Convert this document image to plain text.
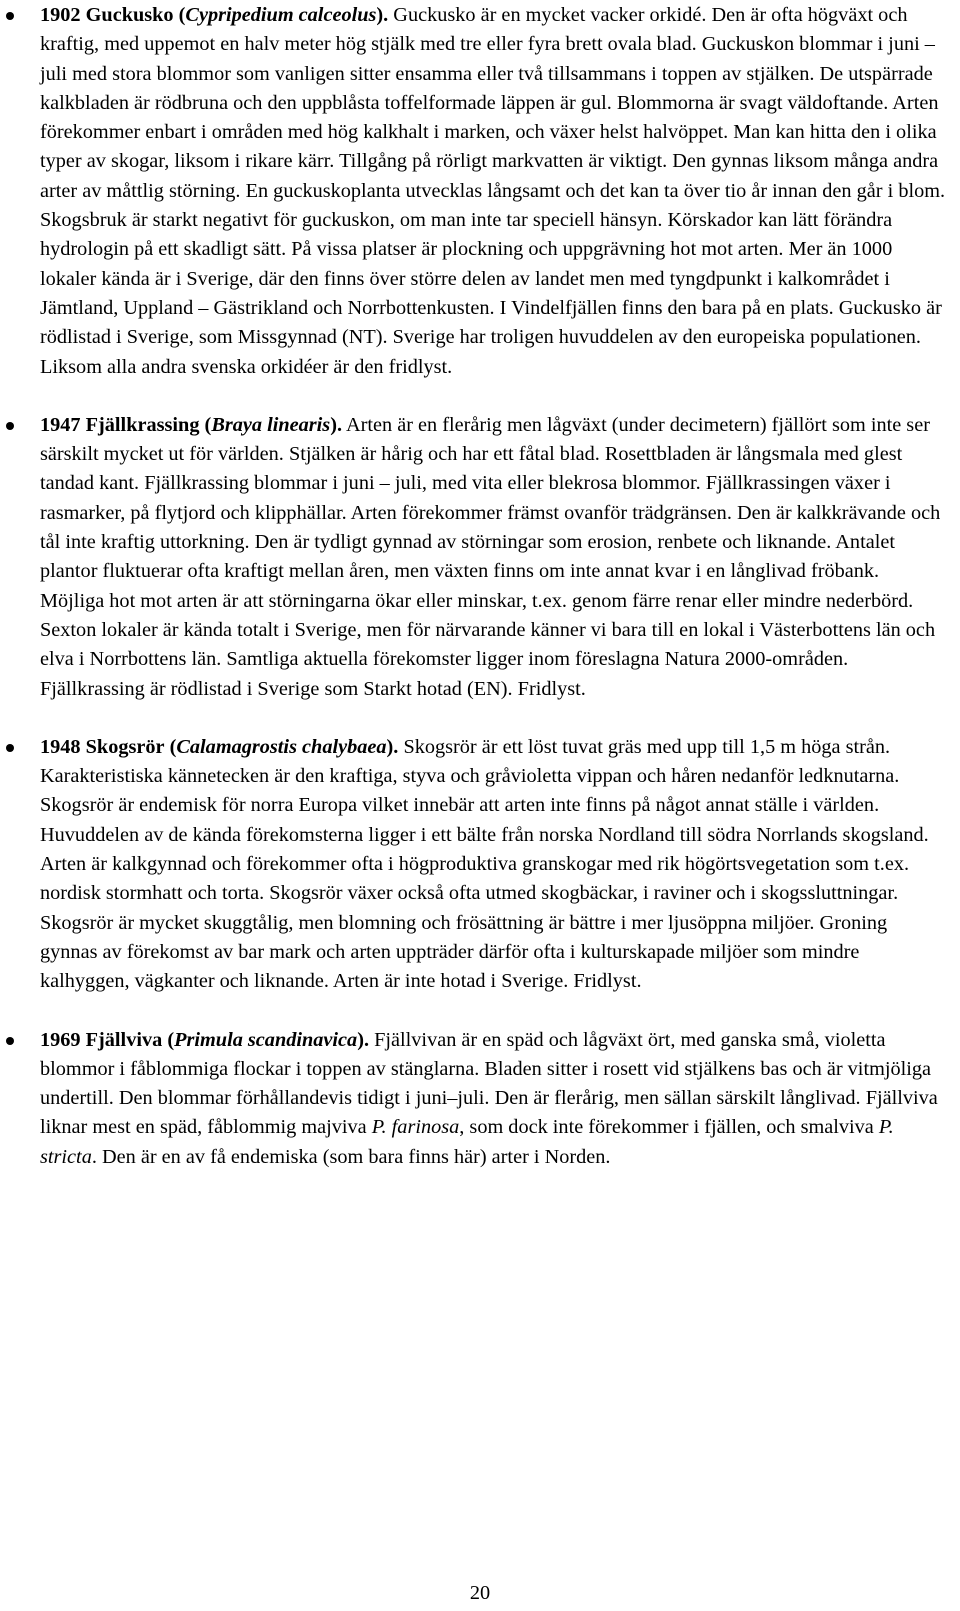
1902 Guckusko (Cypripedium calceolus). Guckusko är en mycket vacker orkidé. Den är ofta högväxt och kraftig, med uppemot en halv meter hög stjälk med tre eller fyra brett ovala blad. Guckuskon blommar i juni – juli med stora blommor som vanligen sitter ensamma eller två tillsammans i toppen av stjälken. De utspärrade kalkbladen är rödbruna och den uppblåsta toffelformade läppen är gul. Blommorna är svagt väldoftande. Arten förekommer enbart i områden med hög kalkhalt i marken, och växer helst halvöppet. Man kan hitta den i olika typer av skogar, liksom i rikare kärr. Tillgång på rörligt markvatten är viktigt. Den gynnas liksom många andra arter av måttlig störning. En guckuskoplanta utvecklas långsamt och det kan ta över tio år innan den går i blom. Skogsbruk är starkt negativt för guckuskon, om man inte tar speciell hänsyn. Körskador kan lätt förändra hydrologin på ett skadligt sätt. På vissa platser är plockning och uppgrävning hot mot arten. Mer än 1000 lokaler kända är i Sverige, där den finns över större delen av landet men med tyngdpunkt i kalkområdet i Jämtland, Uppland – Gästrikland och Norrbottenkusten. I Vindelfjällen finns den bara på en plats. Guckusko är rödlistad i Sverige, som Missgynnad (NT). Sverige har troligen huvuddelen av den europeiska populationen. Liksom alla andra svenska orkidéer är den fridlyst.
1947 Fjällkrassing (Braya linearis). Arten är en flerårig men lågväxt (under decimetern) fjällört som inte ser särskilt mycket ut för världen. Stjälken är hårig och har ett fåtal blad. Rosettbladen är långsmala med glest tandad kant. Fjällkrassing blommar i juni – juli, med vita eller blekrosa blommor. Fjällkrassingen växer i rasmarker, på flytjord och klipphällar. Arten förekommer främst ovanför trädgränsen. Den är kalkkrävande och tål inte kraftig uttorkning. Den är tydligt gynnad av störningar som erosion, renbete och liknande. Antalet plantor fluktuerar ofta kraftigt mellan åren, men växten finns om inte annat kvar i en långlivad fröbank. Möjliga hot mot arten är att störningarna ökar eller minskar, t.ex. genom färre renar eller mindre nederbörd. Sexton lokaler är kända totalt i Sverige, men för närvarande känner vi bara till en lokal i Västerbottens län och elva i Norrbottens län. Samtliga aktuella förekomster ligger inom föreslagna Natura 2000-områden. Fjällkrassing är rödlistad i Sverige som Starkt hotad (EN). Fridlyst.
1948 Skogsrör (Calamagrostis chalybaea). Skogsrör är ett löst tuvat gräs med upp till 1,5 m höga strån. Karakteristiska kännetecken är den kraftiga, styva och gråvioletta vippan och håren nedanför ledknutarna. Skogsrör är endemisk för norra Europa vilket innebär att arten inte finns på något annat ställe i världen. Huvuddelen av de kända förekomsterna ligger i ett bälte från norska Nordland till södra Norrlands skogsland. Arten är kalkgynnad och förekommer ofta i högproduktiva granskogar med rik högörtsvegetation som t.ex. nordisk stormhatt och torta. Skogsrör växer också ofta utmed skogbäckar, i raviner och i skogssluttningar. Skogsrör är mycket skuggtålig, men blomning och frösättning är bättre i mer ljusöppna miljöer. Groning gynnas av förekomst av bar mark och arten uppträder därför ofta i kulturskapade miljöer som mindre kalhyggen, vägkanter och liknande. Arten är inte hotad i Sverige. Fridlyst.
1969 Fjällviva (Primula scandinavica). Fjällvivan är en späd och lågväxt ört, med ganska små, violetta blommor i fåblommiga flockar i toppen av stänglarna. Bladen sitter i rosett vid stjälkens bas och är vitmjöliga undertill. Den blommar förhållandevis tidigt i juni–juli. Den är flerårig, men sällan särskilt långlivad. Fjällviva liknar mest en späd, fåblommig majviva P. farinosa, som dock inte förekommer i fjällen, och smalviva P. stricta. Den är en av få endemiska (som bara finns här) arter i Norden.
20
